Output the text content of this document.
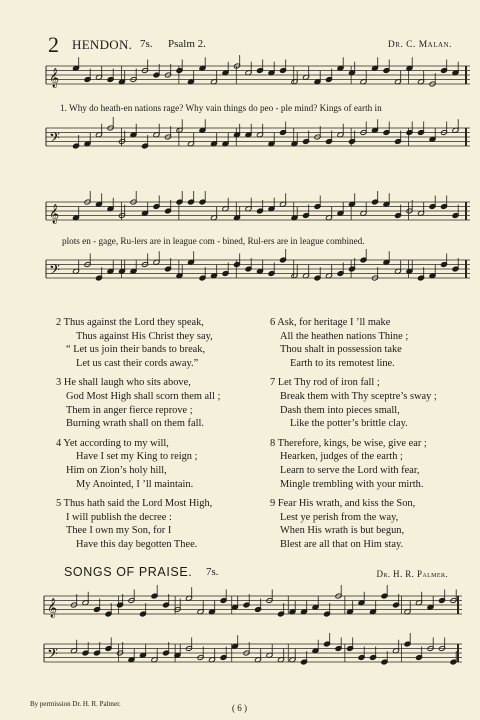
2 HENDON. 7s. Psalm 2.	Dr. C. Malan.
𝄞
1. Why do heath-en nations rage? Why vain things do peo - ple mind? Kings of earth in
𝄢
𝄞
plots en - gage, Ru-lers are in league com - bined, Rul-ers are in league combined.
𝄢
2 Thus against the Lord they speak,
Thus against His Christ they say,
“ Let us join their bands to break,
Let us cast their cords away.”
3 He shall laugh who sits above,
God Most High shall scorn them all ;
Them in anger fierce reprove ;
Burning wrath shall on them fall.
4 Yet according to my will,
Have I set my King to reign ;
Him on Zion’s holy hill,
My Anointed, I ’ll maintain.
5 Thus hath said the Lord Most High,
I will publish the decree :
Thee I own my Son, for I
Have this day begotten Thee.
6 Ask, for heritage I ’ll make
All the heathen nations Thine ;
Thou shalt in possession take
Earth to its remotest line.
7 Let Thy rod of iron fall ;
Break them with Thy sceptre’s sway ;
Dash them into pieces small,
Like the potter’s brittle clay.
8 Therefore, kings, be wise, give ear ;
Hearken, judges of the earth ;
Learn to serve the Lord with fear,
Mingle trembling with your mirth.
9 Fear His wrath, and kiss the Son,
Lest ye perish from the way,
When His wrath is but begun,
Blest are all that on Him stay.
SONGS OF PRAISE. 7s.	Dr. H. R. Palmer.
𝄞
𝄢
By permission Dr. H. R. Palmer.	( 6 )
